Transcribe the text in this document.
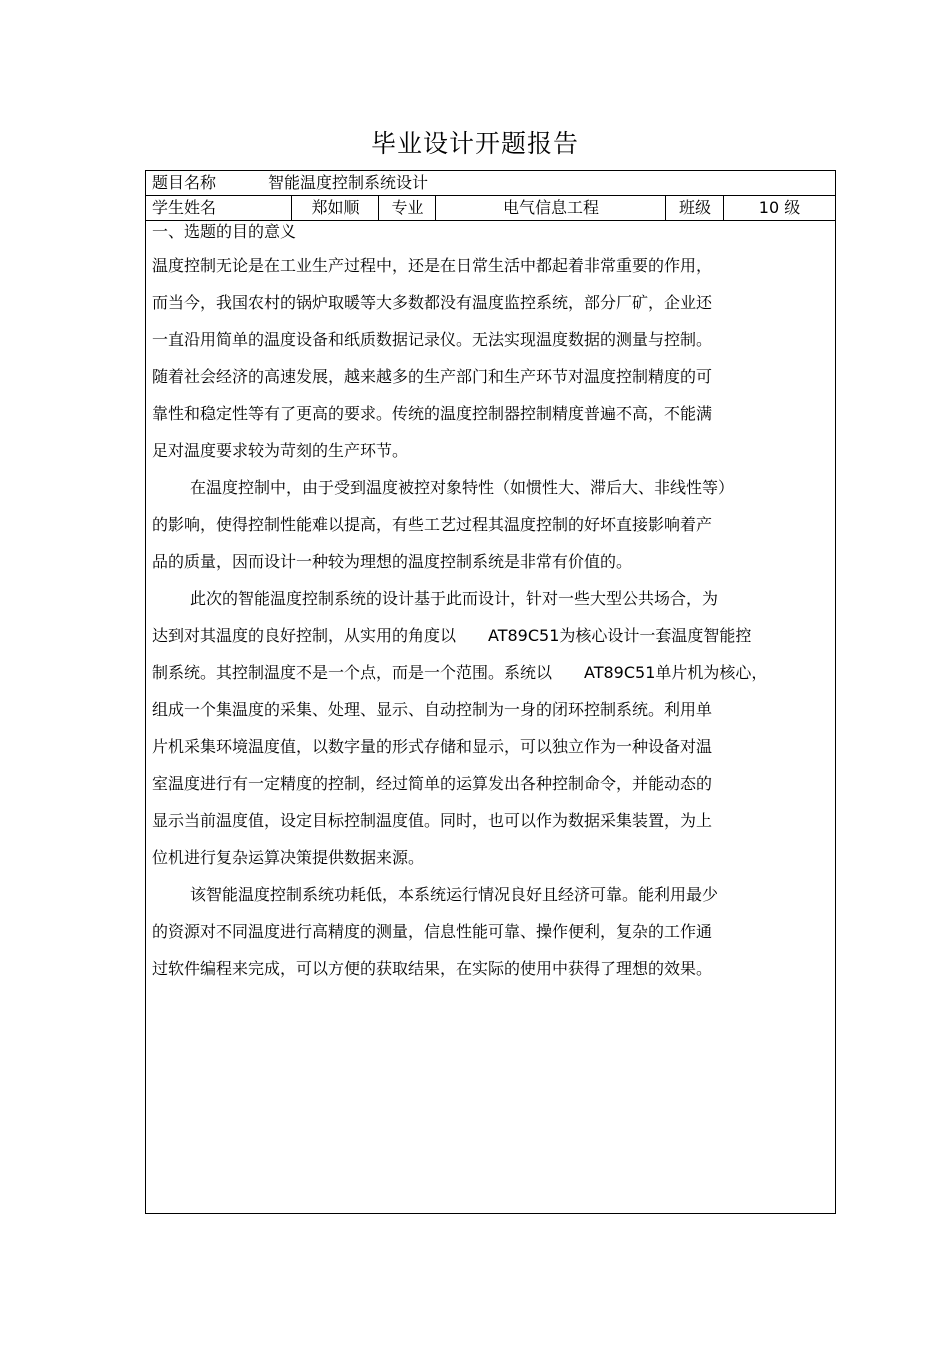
毕业设计开题报告
题目名称	智能温度控制系统设计
学生姓名	郑如顺	专业	电气信息工程	班级	10 级
一、选题的目的意义

温度控制无论是在工业生产过程中，还是在日常生活中都起着非常重要的作用，

而当今，我国农村的锅炉取暖等大多数都没有温度监控系统，部分厂矿，企业还

一直沿用简单的温度设备和纸质数据记录仪。无法实现温度数据的测量与控制。

随着社会经济的高速发展，越来越多的生产部门和生产环节对温度控制精度的可

靠性和稳定性等有了更高的要求。传统的温度控制器控制精度普遍不高，不能满

足对温度要求较为苛刻的生产环节。

在温度控制中，由于受到温度被控对象特性（如惯性大、滞后大、非线性等）

的影响，使得控制性能难以提高，有些工艺过程其温度控制的好坏直接影响着产

品的质量，因而设计一种较为理想的温度控制系统是非常有价值的。

此次的智能温度控制系统的设计基于此而设计，针对一些大型公共场合，为

达到对其温度的良好控制，从实用的角度以　　AT89C51为核心设计一套温度智能控

制系统。其控制温度不是一个点，而是一个范围。系统以　　AT89C51单片机为核心，

组成一个集温度的采集、处理、显示、自动控制为一身的闭环控制系统。利用单

片机采集环境温度值，以数字量的形式存储和显示，可以独立作为一种设备对温

室温度进行有一定精度的控制，经过简单的运算发出各种控制命令，并能动态的

显示当前温度值，设定目标控制温度值。同时，也可以作为数据采集装置，为上

位机进行复杂运算决策提供数据来源。

该智能温度控制系统功耗低，本系统运行情况良好且经济可靠。能利用最少

的资源对不同温度进行高精度的测量，信息性能可靠、操作便利，复杂的工作通

过软件编程来完成，可以方便的获取结果，在实际的使用中获得了理想的效果。
